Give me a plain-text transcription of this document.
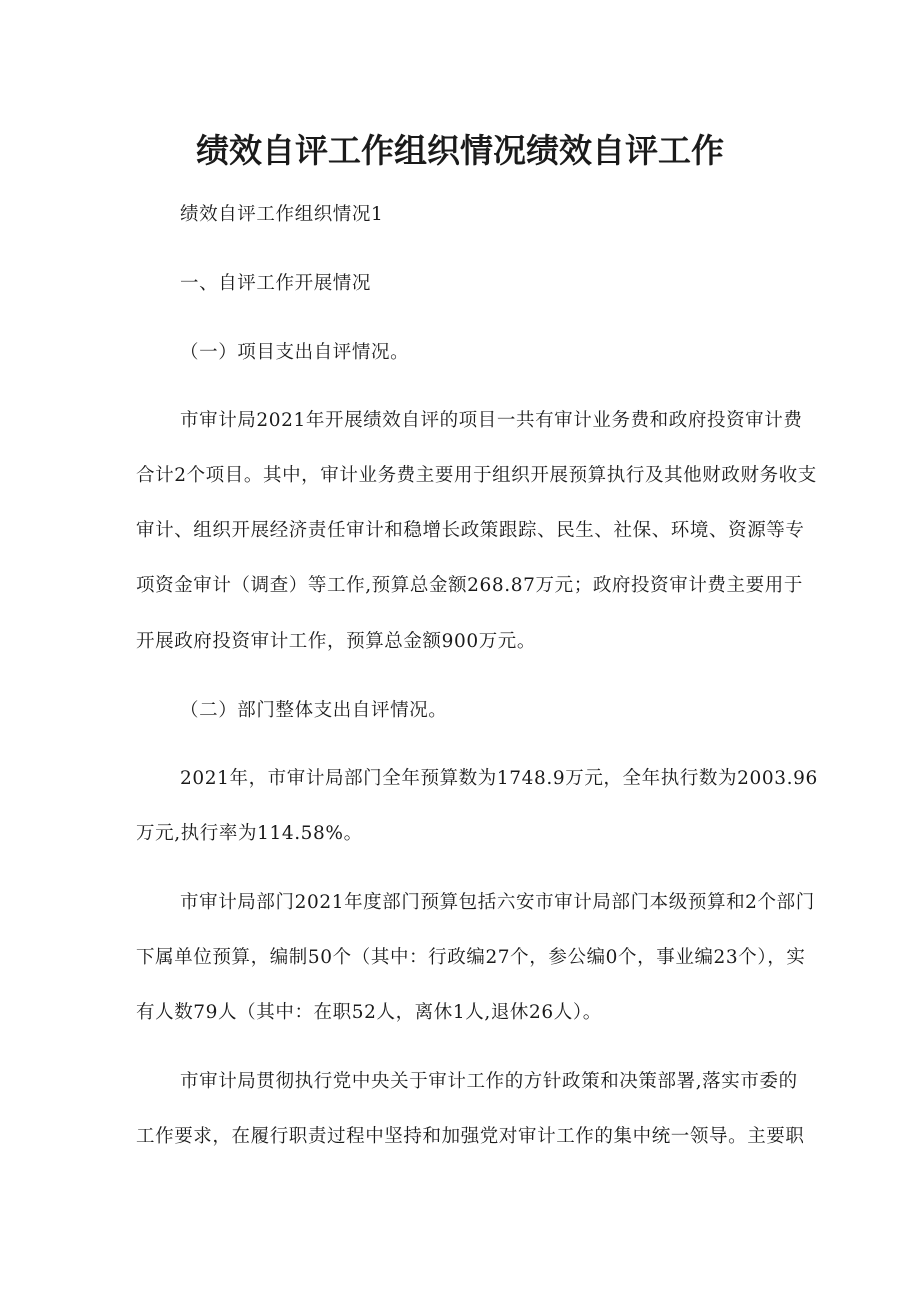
绩效自评工作组织情况绩效自评工作
绩效自评工作组织情况1
一、自评工作开展情况
（一）项目支出自评情况。
市审计局2021年开展绩效自评的项目一共有审计业务费和政府投资审计费
合计2个项目。其中，审计业务费主要用于组织开展预算执行及其他财政财务收支
审计、组织开展经济责任审计和稳增长政策跟踪、民生、社保、环境、资源等专
项资金审计（调查）等工作,预算总金额268.87万元；政府投资审计费主要用于
开展政府投资审计工作，预算总金额900万元。
（二）部门整体支出自评情况。
2021年，市审计局部门全年预算数为1748.9万元，全年执行数为2003.96
万元,执行率为114.58%。
市审计局部门2021年度部门预算包括六安市审计局部门本级预算和2个部门
下属单位预算，编制50个（其中：行政编27个，参公编0个，事业编23个），实
有人数79人（其中：在职52人，离休1人,退休26人）。
市审计局贯彻执行党中央关于审计工作的方针政策和决策部署,落实市委的
工作要求，在履行职责过程中坚持和加强党对审计工作的集中统一领导。主要职
